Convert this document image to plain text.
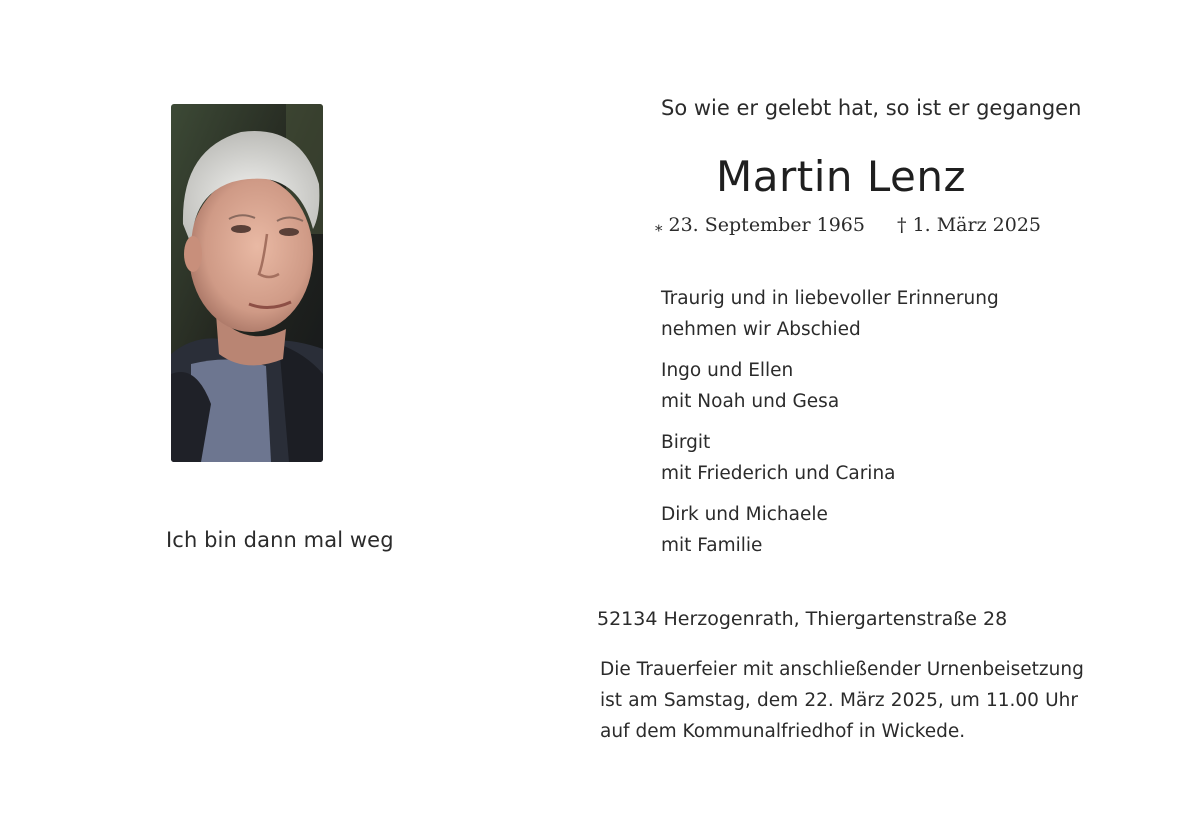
Ich bin dann mal weg
So wie er gelebt hat, so ist er gegangen
Martin Lenz
⁎ 23. September 1965 † 1. März 2025
Traurig und in liebevoller Erinnerung
nehmen wir Abschied
Ingo und Ellen
mit Noah und Gesa
Birgit
mit Friederich und Carina
Dirk und Michaele
mit Familie
52134 Herzogenrath, Thiergartenstraße 28
Die Trauerfeier mit anschließender Urnenbeisetzung
ist am Samstag, dem 22. März 2025, um 11.00 Uhr
auf dem Kommunalfriedhof in Wickede.
